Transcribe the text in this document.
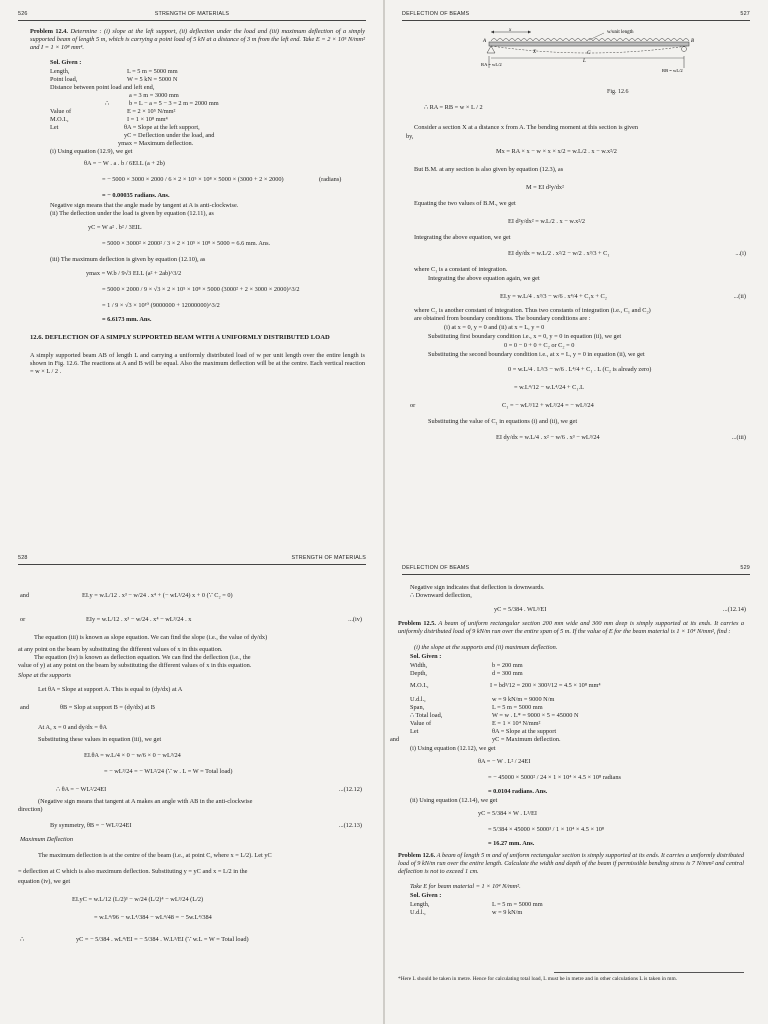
526	STRENGTH OF MATERIALS
Problem 12.4. Determine : (i) slope at the left support, (ii) deflection under the load and (iii) maximum deflection of a simply supported beam of length 5 m, which is carrying a point load of 5 kN at a distance of 3 m from the left end. Take E = 2 × 10⁵ N/mm² and I = 1 × 10⁸ mm⁴.
Sol. Given :
Length,	L = 5 m = 5000 mm
Point load,	W = 5 kN = 5000 N
Distance between point load and left end,
a = 3 m = 3000 mm
∴	b = L − a = 5 − 3 = 2 m = 2000 mm
Value of	E = 2 × 10⁵ N/mm²
M.O.I.,	I = 1 × 10⁸ mm⁴
Let	θA = Slope at the left support,
yC = Deflection under the load, and
ymax = Maximum deflection.
(i) Using equation (12.9), we get
θA = − W . a . b / 6EI.L (a + 2b)
= − 5000 × 3000 × 2000 / 6 × 2 × 10⁵ × 10⁸ × 5000 × (3000 + 2 × 2000)	(radians)
= − 0.00035 radians. Ans.
Negative sign means that the angle made by tangent at A is anti-clockwise.
(ii) The deflection under the load is given by equation (12.11), as
yC = W a² . b² / 3EIL
= 5000 × 3000² × 2000² / 3 × 2 × 10⁵ × 10⁸ × 5000 = 6.6 mm. Ans.
(iii) The maximum deflection is given by equation (12.10), as
ymax = W.b / 9√3 EI.L (a² + 2ab)^3/2
= 5000 × 2000 / 9 × √3 × 2 × 10⁵ × 10⁸ × 5000 (3000² + 2 × 3000 × 2000)^3/2
= 1 / 9 × √3 × 10¹⁰ (9000000 + 12000000)^3/2
= 6.6173 mm. Ans.
12.6. DEFLECTION OF A SIMPLY SUPPORTED BEAM WITH A UNIFORMLY DISTRIBUTED LOAD
A simply supported beam AB of length L and carrying a uniformly distributed load of w per unit length over the entire length is shown in Fig. 12.6. The reactions at A and B will be equal. Also the maximum deflection will be at the centre. Each vertical reaction = w × L / 2 .
DEFLECTION OF BEAMS	527
x	w/unit length
A	B
C
X
RA = wL/2
RB = wL/2
L
Fig. 12.6
∴ RA = RB = w × L / 2
Consider a section X at a distance x from A. The bending moment at this section is given
by,
Mx = RA × x − w × x × x/2 = w.L/2 . x − w.x²/2
But B.M. at any section is also given by equation (12.3), as
M = EI d²y/dx²
Equating the two values of B.M., we get
EI d²y/dx² = w.L/2 . x − w.x²/2
Integrating the above equation, we get
EI dy/dx = w.L/2 . x²/2 − w/2 . x³/3 + C₁	...(i)
where C₁ is a constant of integration.
Integrating the above equation again, we get
EI.y = w.L/4 . x³/3 − w/6 . x⁴/4 + C₁x + C₂	...(ii)
where C₂ is another constant of integration. Thus two constants of integration (i.e., C₁ and C₂)
are obtained from boundary conditions. The boundary conditions are :
(i) at x = 0, y = 0 and (ii) at x = L, y = 0
Substituting first boundary condition i.e., x = 0, y = 0 in equation (ii), we get
0 = 0 − 0 + 0 + C₂ or C₂ = 0
Substituting the second boundary condition i.e., at x = L, y = 0 in equation (ii), we get
0 = w.L/4 . L³/3 − w/6 . L⁴/4 + C₁ . L (C₂ is already zero)
= w.L⁴/12 − w.L⁴/24 + C₁.L
or	C₁ = − wL³/12 + wL³/24 = − wL³/24
Substituting the value of C₁ in equations (i) and (ii), we get
EI dy/dx = w.L/4 . x² − w/6 . x³ − wL³/24	...(iii)
528	STRENGTH OF MATERIALS
and	EI.y = w.L/12 . x³ − w/24 . x⁴ + (− wL³/24) x + 0 (∵ C₂ = 0)
or	EIy = w.L/12 . x³ − w/24 . x⁴ − wL³/24 . x	...(iv)
The equation (iii) is known as slope equation. We can find the slope (i.e., the value of dy/dx)
at any point on the beam by substituting the different values of x in this equation.
The equation (iv) is known as deflection equation. We can find the deflection (i.e., the
value of y) at any point on the beam by substituting the different values of x in this equation.
Slope at the supports
Let θA = Slope at support A. This is equal to (dy/dx) at A
and	θB = Slop at support B = (dy/dx) at B
At A, x = 0 and dy/dx = θA
Substituting these values in equation (iii), we get
EI.θA = w.L/4 × 0 − w/6 × 0 − wL³/24
= − wL³/24 = − WL²/24 (∵ w . L = W = Total load)
∴ θA = − WL²/24EI	...(12.12)
(Negative sign means that tangent at A makes an angle with AB in the anti-clockwise
direction)
By symmetry, θB = − WL²/24EI	...(12.13)
Maximum Deflection
The maximum deflection is at the centre of the beam (i.e., at point C, where x = L/2). Let yC
= deflection at C which is also maximum deflection. Substituting y = yC and x = L/2 in the
equation (iv), we get
EI.yC = w.L/12 (L/2)³ − w/24 (L/2)⁴ − wL³/24 (L/2)
= w.L⁴/96 − w.L⁴/384 − wL⁴/48 = − 5w.L⁴/384
∴	yC = − 5/384 . wL⁴/EI = − 5/384 . W.L³/EI (∵ w.L = W = Total load)
DEFLECTION OF BEAMS	529
Negative sign indicates that deflection is downwards.
∴ Downward deflection,
yC = 5/384 . WL³/EI	...(12.14)
Problem 12.5. A beam of uniform rectangular section 200 mm wide and 300 mm deep is simply supported at its ends. It carries a uniformly distributed load of 9 kN/m run over the entire span of 5 m. If the value of E for the beam material is 1 × 10⁴ N/mm², find :
(i) the slope at the supports and (ii) maximum deflection.
Sol. Given :
Width,	b = 200 mm
Depth,	d = 300 mm
M.O.I.,	I = bd³/12 = 200 × 300³/12 = 4.5 × 10⁸ mm⁴
U.d.l.,	w = 9 kN/m = 9000 N/m
Span,	L = 5 m = 5000 mm
∴ Total load,	W = w . L* = 9000 × 5 = 45000 N
Value of	E = 1 × 10⁴ N/mm²
Let	θA = Slope at the support
and	yC = Maximum deflection.
(i) Using equation (12.12), we get
θA = − W . L² / 24EI
= − 45000 × 5000² / 24 × 1 × 10⁴ × 4.5 × 10⁸ radians
= 0.0104 radians. Ans.
(ii) Using equation (12.14), we get
yC = 5/384 × W . L³/EI
= 5/384 × 45000 × 5000³ / 1 × 10⁴ × 4.5 × 10⁸
= 16.27 mm. Ans.
Problem 12.6. A beam of length 5 m and of uniform rectangular section is simply supported at its ends. It carries a uniformly distributed load of 9 kN/m run over the entire length. Calculate the width and depth of the beam if permissible bending stress is 7 N/mm² and central deflection is not to exceed 1 cm.
Take E for beam material = 1 × 10⁴ N/mm².
Sol. Given :
Length,	L = 5 m = 5000 mm
U.d.l.,	w = 9 kN/m
*Here L should be taken in metre. Hence for calculating total load, L must be in metre and in other calculations L is taken in mm.
